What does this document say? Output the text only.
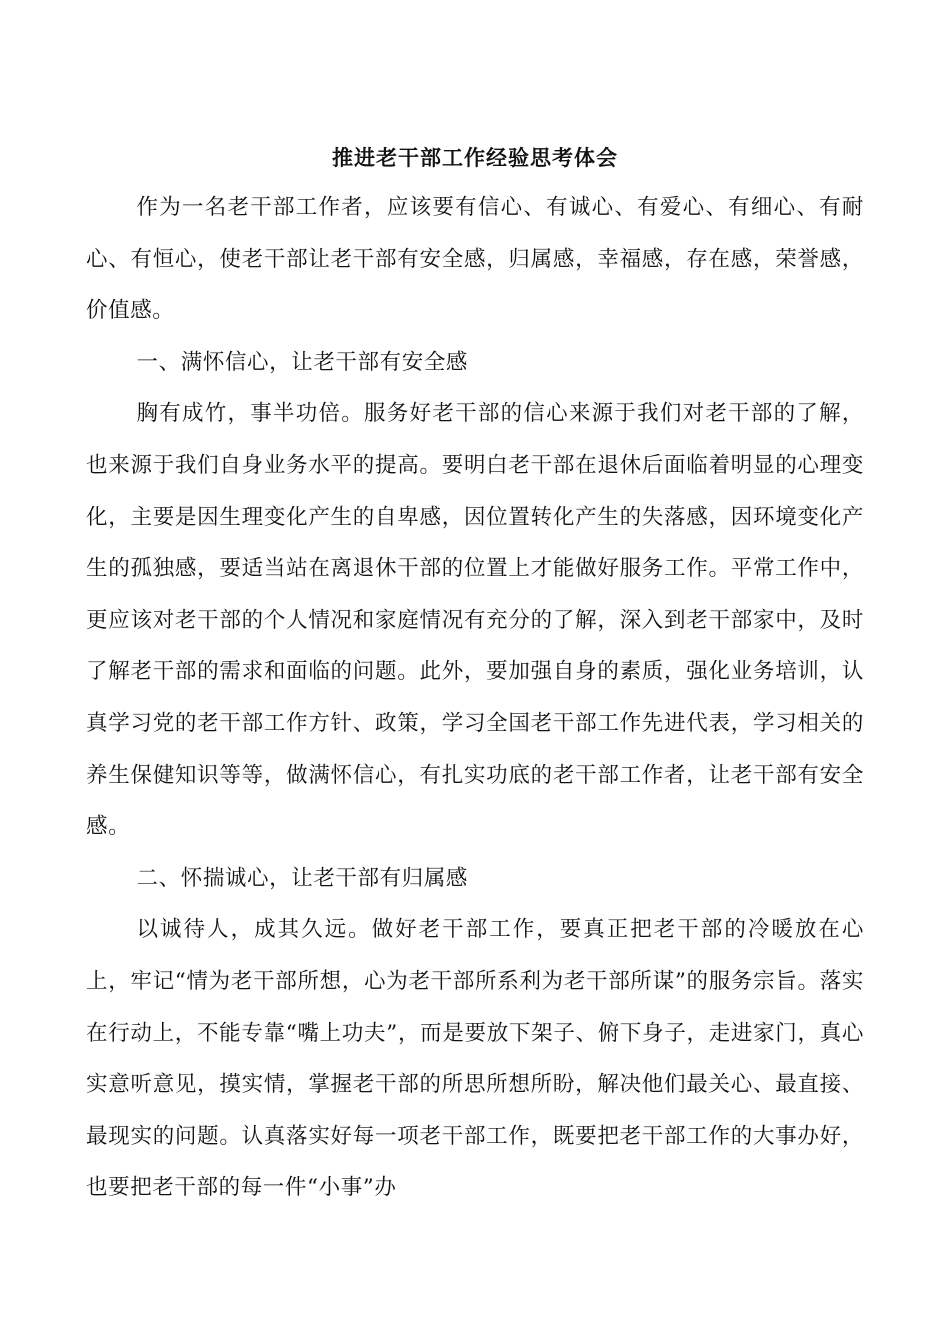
推进老干部工作经验思考体会

作为一名老干部工作者，应该要有信心、有诚心、有爱心、有细心、有耐心、有恒心，使老干部让老干部有安全感，归属感，幸福感，存在感，荣誉感，价值感。

一、满怀信心，让老干部有安全感

胸有成竹，事半功倍。服务好老干部的信心来源于我们对老干部的了解，也来源于我们自身业务水平的提高。要明白老干部在退休后面临着明显的心理变化，主要是因生理变化产生的自卑感，因位置转化产生的失落感，因环境变化产生的孤独感，要适当站在离退休干部的位置上才能做好服务工作。平常工作中，更应该对老干部的个人情况和家庭情况有充分的了解，深入到老干部家中，及时了解老干部的需求和面临的问题。此外，要加强自身的素质，强化业务培训，认真学习党的老干部工作方针、政策，学习全国老干部工作先进代表，学习相关的养生保健知识等等，做满怀信心，有扎实功底的老干部工作者，让老干部有安全感。

二、怀揣诚心，让老干部有归属感

以诚待人，成其久远。做好老干部工作，要真正把老干部的冷暖放在心上，牢记“情为老干部所想，心为老干部所系利为老干部所谋”的服务宗旨。落实在行动上，不能专靠“嘴上功夫”，而是要放下架子、俯下身子，走进家门，真心实意听意见，摸实情，掌握老干部的所思所想所盼，解决他们最关心、最直接、最现实的问题。认真落实好每一项老干部工作，既要把老干部工作的大事办好，也要把老干部的每一件“小事”办
